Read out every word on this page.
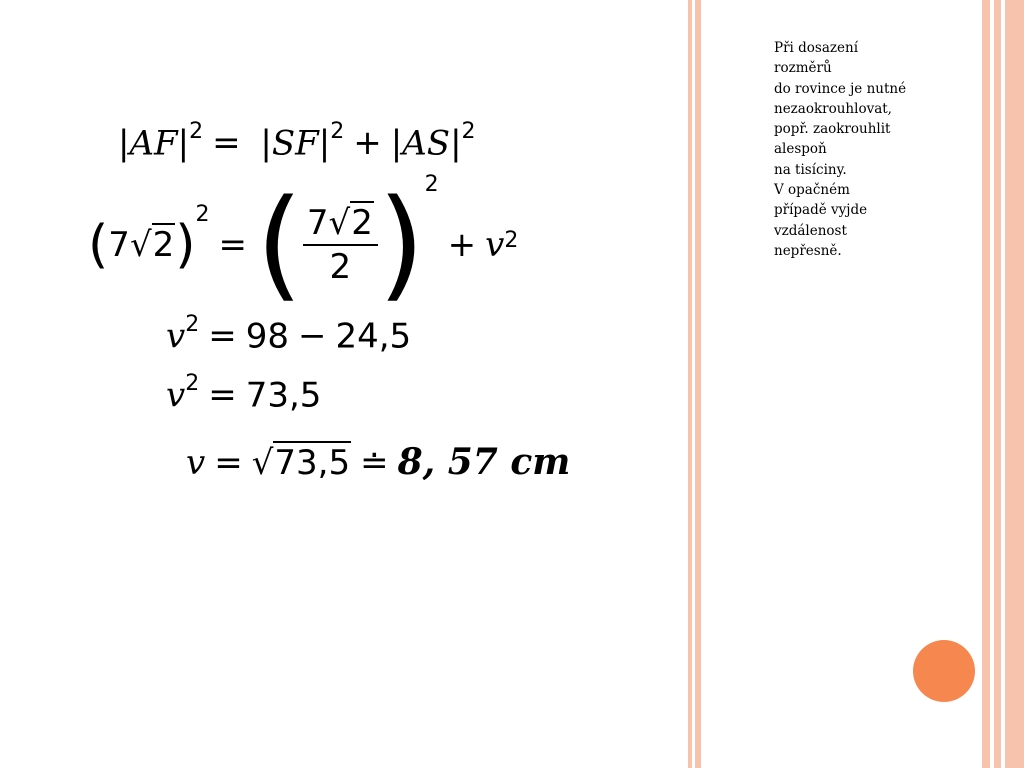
Při dosazení
rozměrů
do rovince je nutné
nezaokrouhlovat,
popř. zaokrouhlit
alespoň
na tisíciny.
V opačném
případě vyjde
vzdálenost
nepřesně.
$|AF|^2 = |SF|^2 + |AS|^2$
( 7 √2 )
$^2$
= ( $\frac{7√2}{2} )^2$
+ $v^2$
$v^2 = 98 - 24,5$
$v^2 = 73,5$
v = √73,5 ≐ 8, 57 cm
